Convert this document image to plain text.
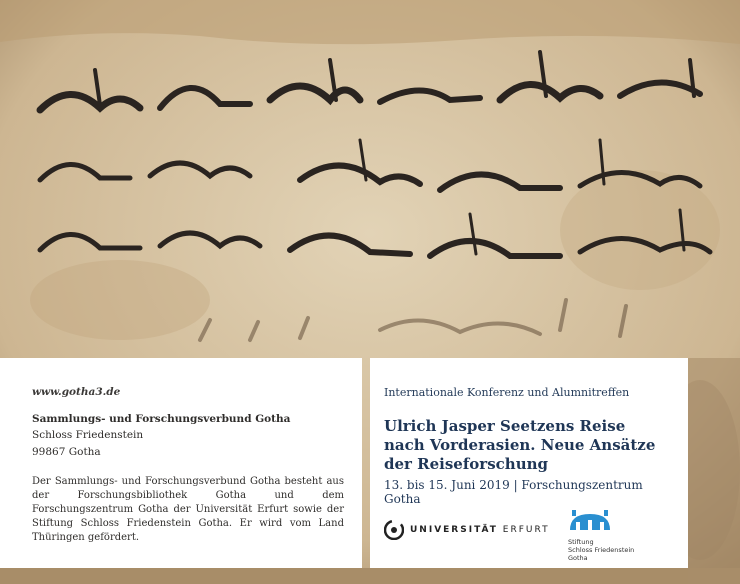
www.gotha3.de
Sammlungs- und Forschungsverbund Gotha
Schloss Friedenstein
99867 Gotha
Der Sammlungs- und Forschungsverbund Gotha besteht aus der Forschungsbibliothek Gotha und dem Forschungszentrum Gotha der Universität Erfurt sowie der Stiftung Schloss Friedenstein Gotha. Er wird vom Land Thüringen gefördert.
Internationale Konferenz und Alumnitreffen
Ulrich Jasper Seetzens Reise
nach Vorderasien. Neue Ansätze
der Reiseforschung
13. bis 15. Juni 2019 | Forschungszentrum Gotha
UNIVERSITÄT ERFURT
Stiftung
Schloss Friedenstein
Gotha
